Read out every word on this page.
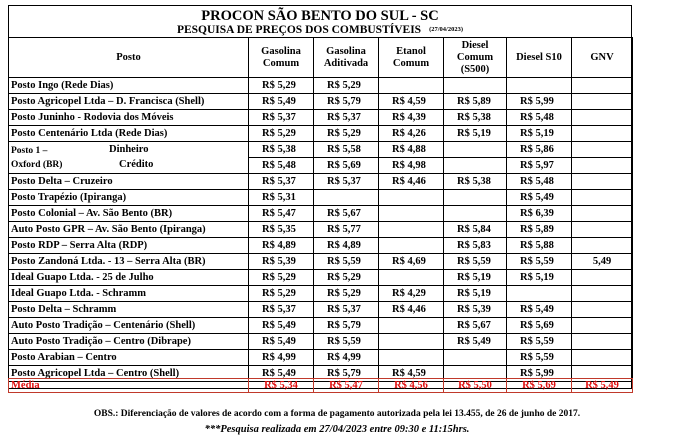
PROCON SÃO BENTO DO SUL - SC
PESQUISA DE PREÇOS DOS COMBUSTÍVEIS (27/04/2023)
Posto	Gasolina Comum	Gasolina Aditivada	Etanol Comum	Diesel Comum (S500)	Diesel S10	GNV
Posto Ingo (Rede Dias)	R$ 5,29	R$ 5,29				
Posto Agricopel Ltda – D. Francisca (Shell)	R$ 5,49	R$ 5,79	R$ 4,59	R$ 5,89	R$ 5,99	
Posto Juninho - Rodovia dos Móveis	R$ 5,37	R$ 5,37	R$ 4,39	R$ 5,38	R$ 5,48	
Posto Centenário Ltda (Rede Dias)	R$ 5,29	R$ 5,29	R$ 4,26	R$ 5,19	R$ 5,19	

Posto 1 –
Oxford (BR)
Dinheiro
Crédito	R$ 5,38	R$ 5,58	R$ 4,88		R$ 5,86	
	R$ 5,48	R$ 5,69	R$ 4,98		R$ 5,97	
Posto Delta – Cruzeiro	R$ 5,37	R$ 5,37	R$ 4,46	R$ 5,38	R$ 5,48	
Posto Trapézio (Ipiranga)	R$ 5,31				R$ 5,49	
Posto Colonial – Av. São Bento (BR)	R$ 5,47	R$ 5,67			R$ 6,39	
Auto Posto GPR – Av. São Bento (Ipiranga)	R$ 5,35	R$ 5,77		R$ 5,84	R$ 5,89	
Posto RDP – Serra Alta (RDP)	R$ 4,89	R$ 4,89		R$ 5,83	R$ 5,88	
Posto Zandoná Ltda. - 13 – Serra Alta (BR)	R$ 5,39	R$ 5,59	R$ 4,69	R$ 5,59	R$ 5,59	5,49
Ideal Guapo Ltda. - 25 de Julho	R$ 5,29	R$ 5,29		R$ 5,19	R$ 5,19	
Ideal Guapo Ltda. - Schramm	R$ 5,29	R$ 5,29	R$ 4,29	R$ 5,19		
Posto Delta – Schramm	R$ 5,37	R$ 5,37	R$ 4,46	R$ 5,39	R$ 5,49	
Auto Posto Tradição – Centenário (Shell)	R$ 5,49	R$ 5,79		R$ 5,67	R$ 5,69	
Auto Posto Tradição – Centro (Dibrape)	R$ 5,49	R$ 5,59		R$ 5,49	R$ 5,59	
Posto Arabian – Centro	R$ 4,99	R$ 4,99			R$ 5,59	
Posto Agricopel Ltda – Centro (Shell)	R$ 5,49	R$ 5,79	R$ 4,59		R$ 5,99	
Média	R$ 5,34	R$ 5,47	R$ 4,56	R$ 5,50	R$ 5,69	R$ 5,49
OBS.: Diferenciação de valores de acordo com a forma de pagamento autorizada pela lei 13.455, de 26 de junho de 2017.
***Pesquisa realizada em 27/04/2023 entre 09:30 e 11:15hrs.
